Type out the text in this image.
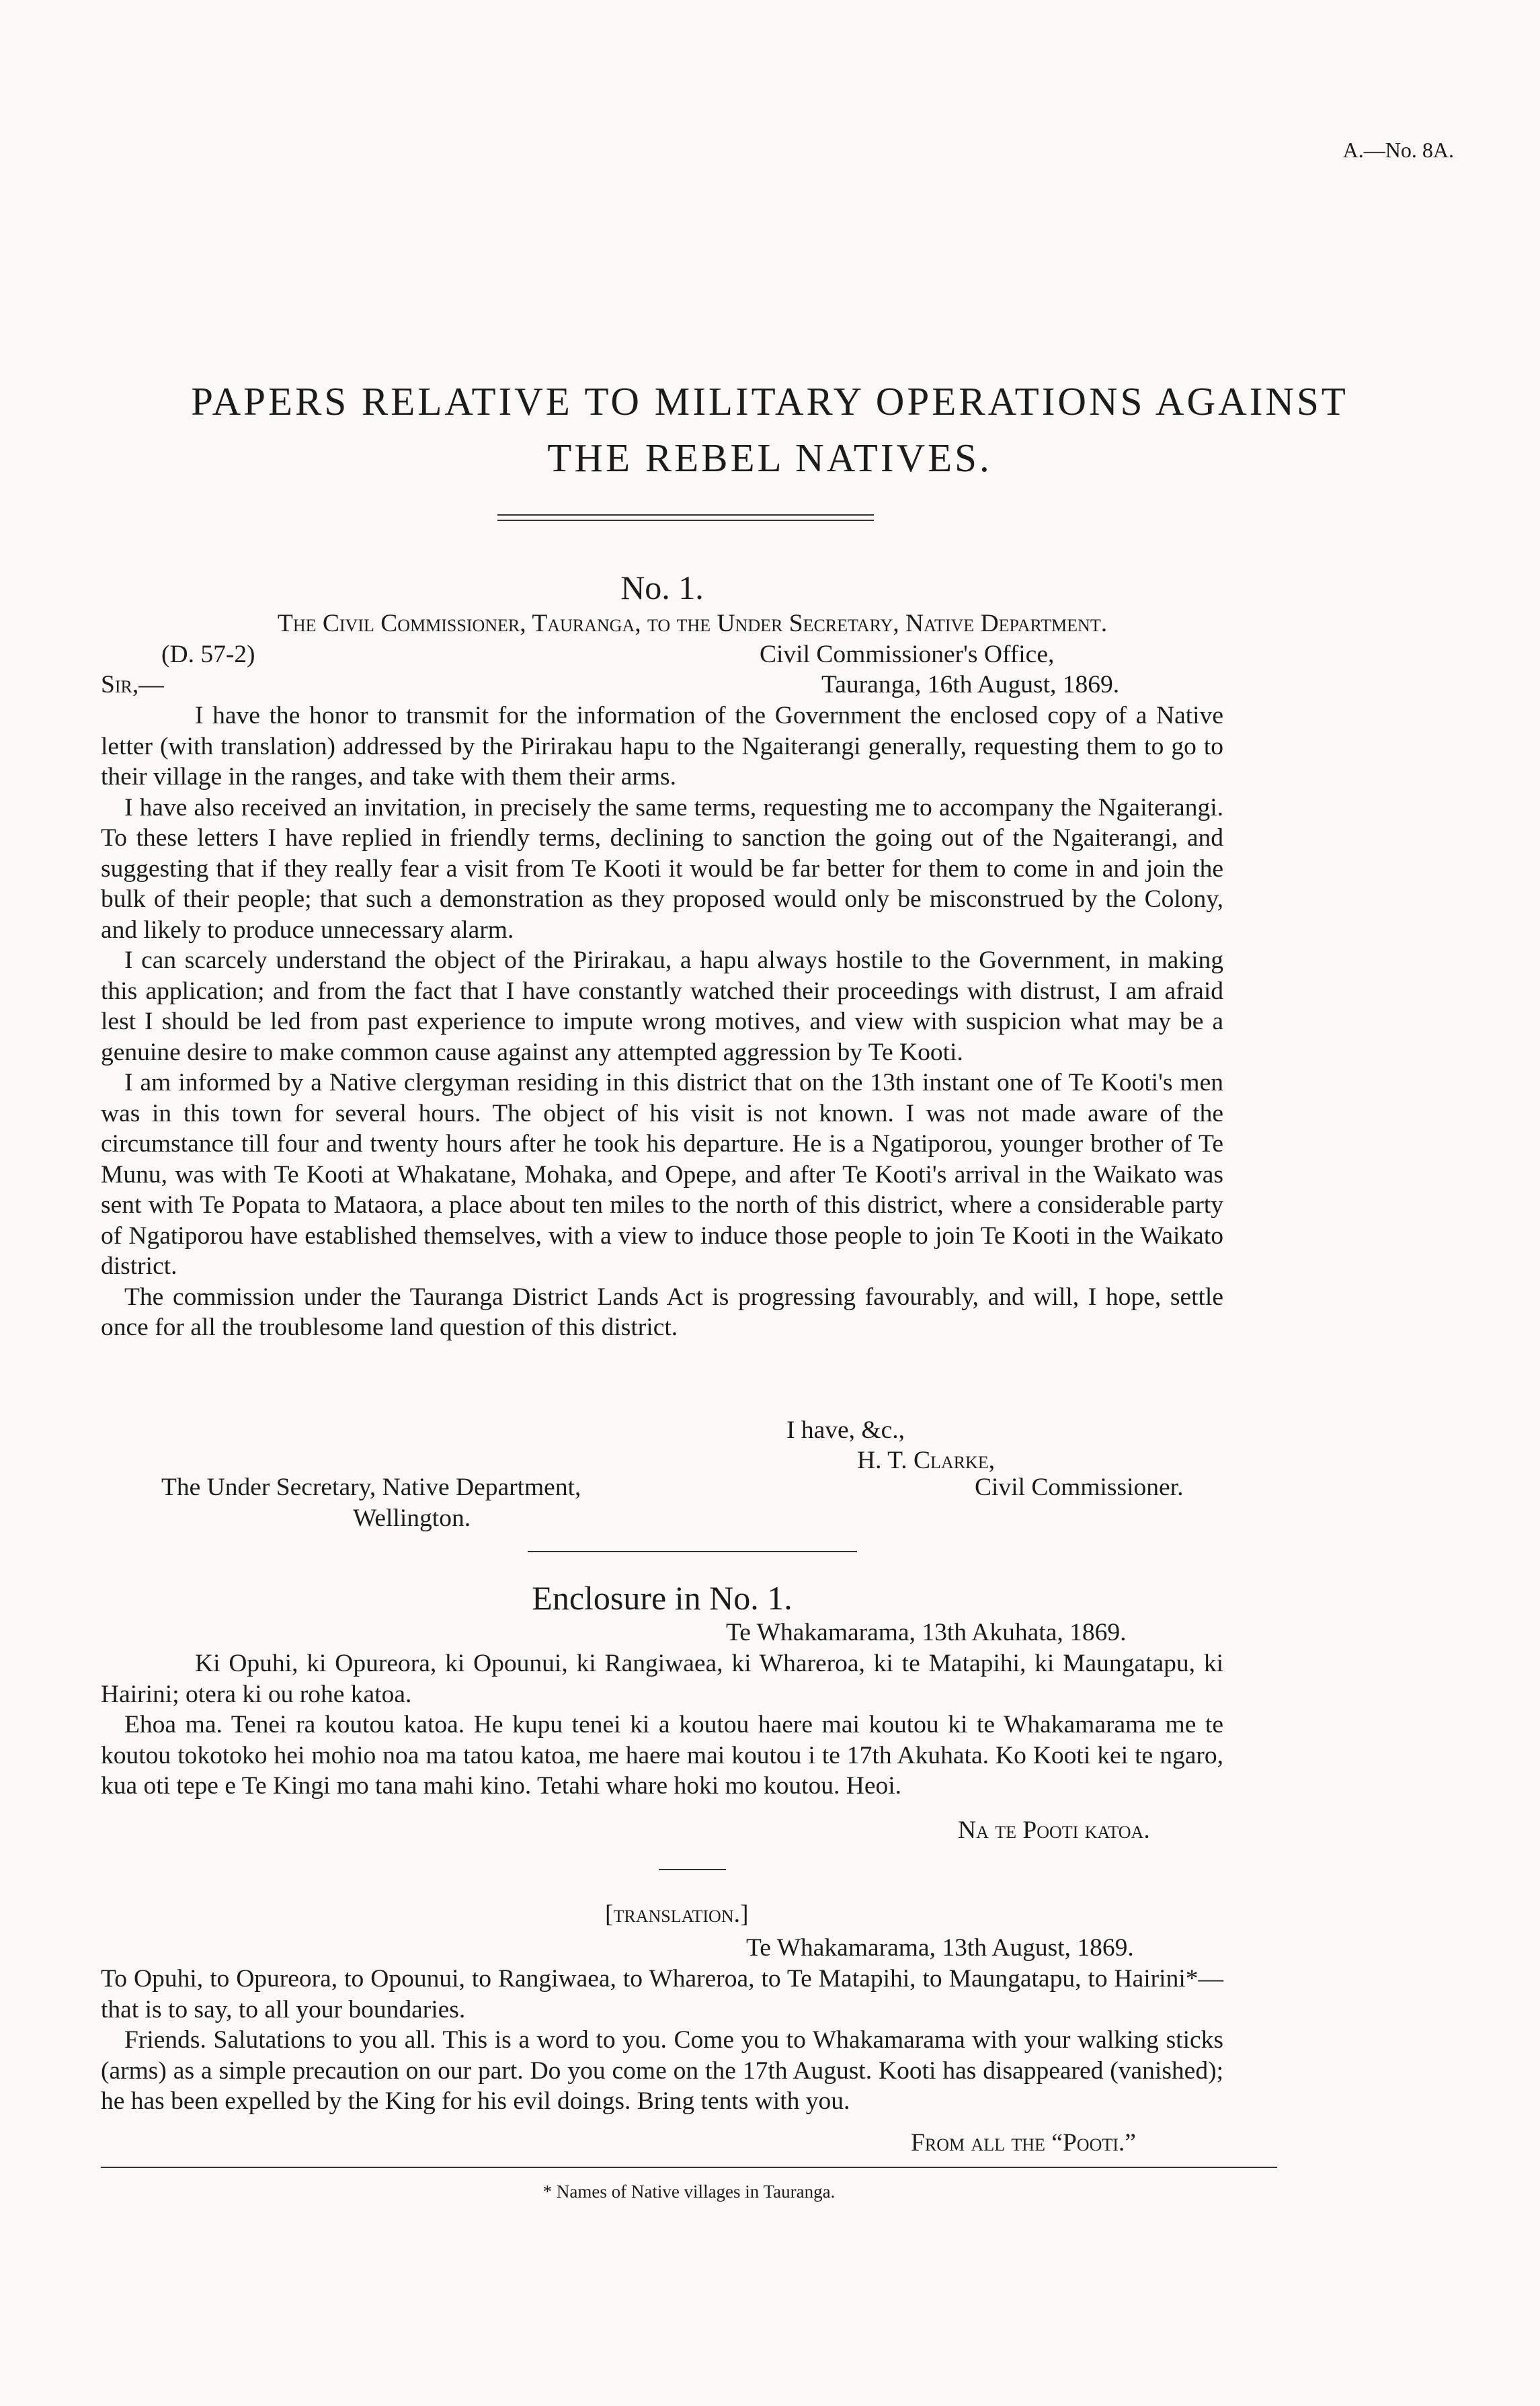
A.—No. 8A.
PAPERS RELATIVE TO MILITARY OPERATIONS AGAINST
THE REBEL NATIVES.
No. 1.
The Civil Commissioner, Tauranga, to the Under Secretary, Native Department.
(D. 57-2)	Civil Commissioner's Office,
Sir,—	Tauranga, 16th August, 1869.

I have the honor to transmit for the information of the Government the enclosed copy of a Native letter (with translation) addressed by the Pirirakau hapu to the Ngaiterangi generally, requesting them to go to their village in the ranges, and take with them their arms.

I have also received an invitation, in precisely the same terms, requesting me to accompany the Ngaiterangi. To these letters I have replied in friendly terms, declining to sanction the going out of the Ngaiterangi, and suggesting that if they really fear a visit from Te Kooti it would be far better for them to come in and join the bulk of their people; that such a demonstration as they proposed would only be misconstrued by the Colony, and likely to produce unnecessary alarm.

I can scarcely understand the object of the Pirirakau, a hapu always hostile to the Government, in making this application; and from the fact that I have constantly watched their proceedings with distrust, I am afraid lest I should be led from past experience to impute wrong motives, and view with suspicion what may be a genuine desire to make common cause against any attempted aggression by Te Kooti.

I am informed by a Native clergyman residing in this district that on the 13th instant one of Te Kooti's men was in this town for several hours. The object of his visit is not known. I was not made aware of the circumstance till four and twenty hours after he took his departure. He is a Ngatiporou, younger brother of Te Munu, was with Te Kooti at Whakatane, Mohaka, and Opepe, and after Te Kooti's arrival in the Waikato was sent with Te Popata to Mataora, a place about ten miles to the north of this district, where a considerable party of Ngatiporou have established themselves, with a view to induce those people to join Te Kooti in the Waikato district.

The commission under the Tauranga District Lands Act is progressing favourably, and will, I hope, settle once for all the troublesome land question of this district.

I have, &c.,
H. T. Clarke,
The Under Secretary, Native Department,	Civil Commissioner.
Wellington.
Enclosure in No. 1.
Te Whakamarama, 13th Akuhata, 1869.

Ki Opuhi, ki Opureora, ki Opounui, ki Rangiwaea, ki Whareroa, ki te Matapihi, ki Maungatapu, ki Hairini; otera ki ou rohe katoa.

Ehoa ma. Tenei ra koutou katoa. He kupu tenei ki a koutou haere mai koutou ki te Whakamarama me te koutou tokotoko hei mohio noa ma tatou katoa, me haere mai koutou i te 17th Akuhata. Ko Kooti kei te ngaro, kua oti tepe e Te Kingi mo tana mahi kino. Tetahi whare hoki mo koutou. Heoi.

Na te Pooti katoa.
[translation.]
Te Whakamarama, 13th August, 1869.

To Opuhi, to Opureora, to Opounui, to Rangiwaea, to Whareroa, to Te Matapihi, to Maungatapu, to Hairini*—that is to say, to all your boundaries.

Friends. Salutations to you all. This is a word to you. Come you to Whakamarama with your walking sticks (arms) as a simple precaution on our part. Do you come on the 17th August. Kooti has disappeared (vanished); he has been expelled by the King for his evil doings. Bring tents with you.

From all the “Pooti.”
* Names of Native villages in Tauranga.
